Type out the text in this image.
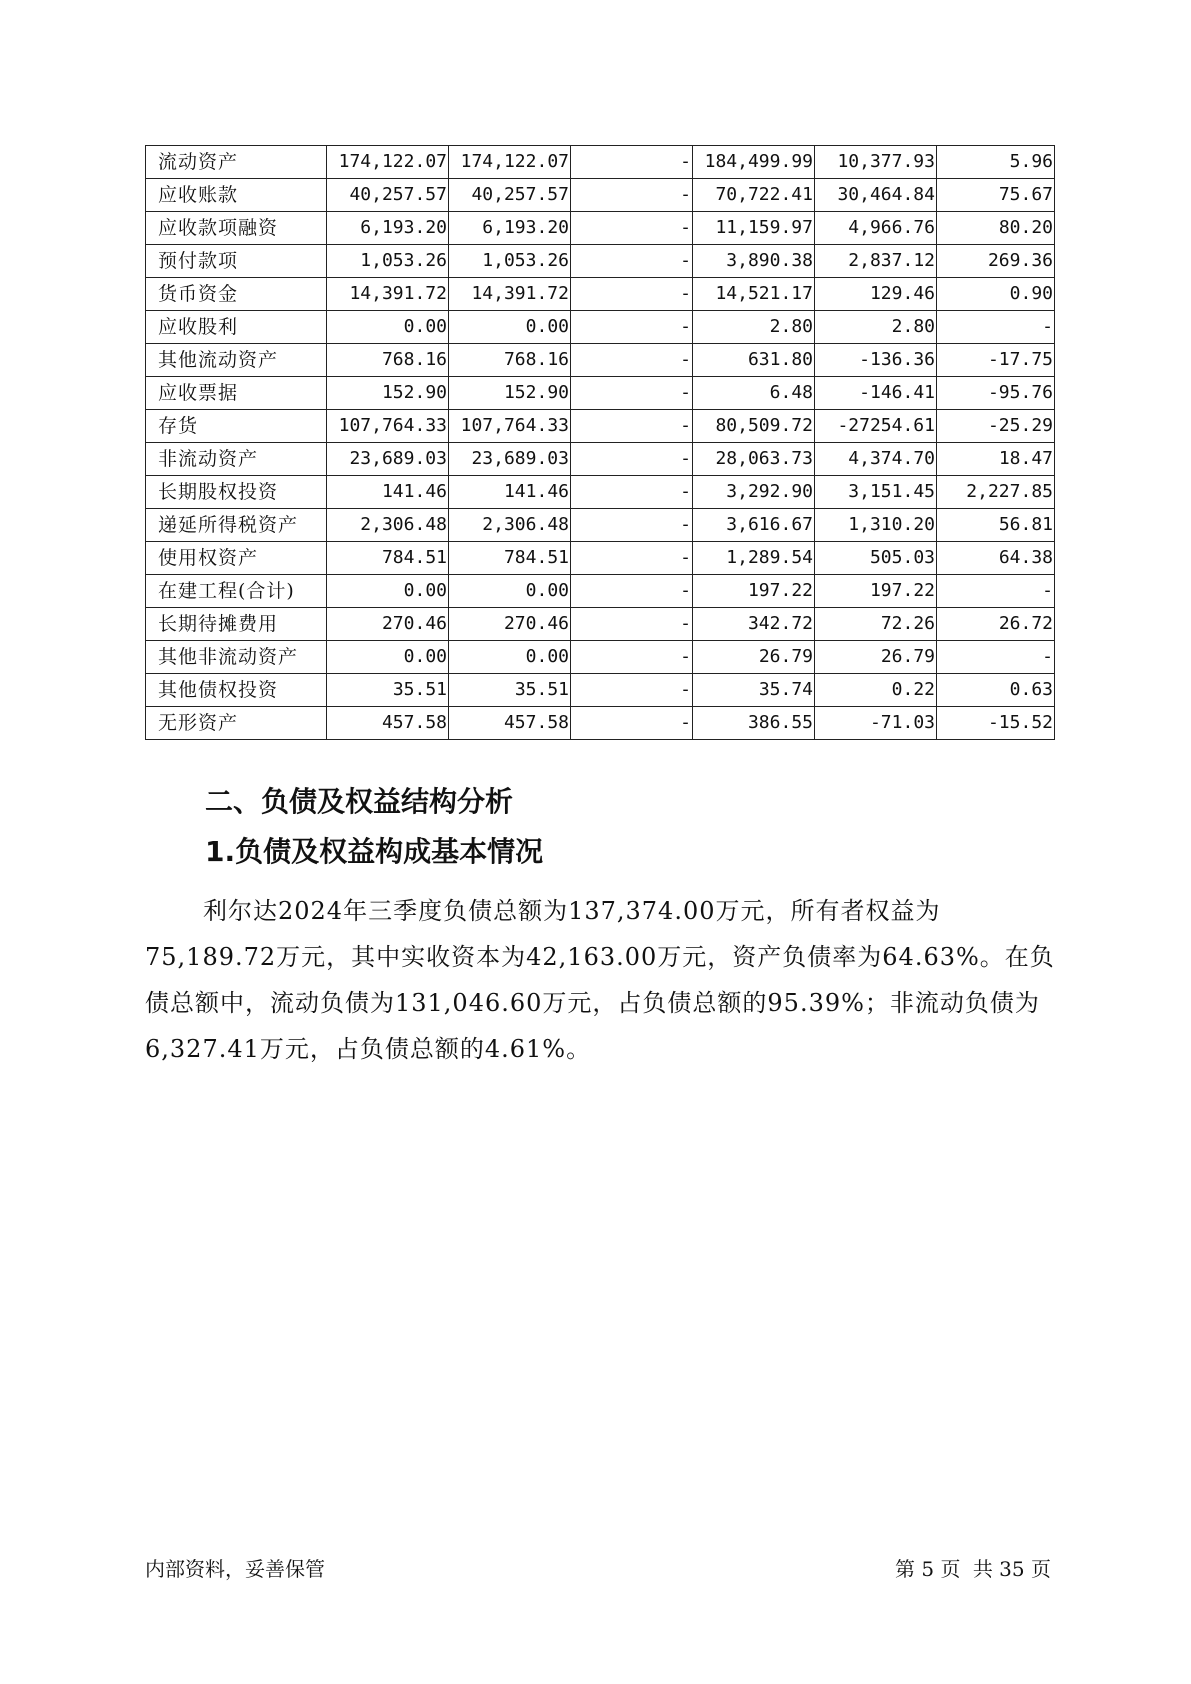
流动资产	174,122.07	174,122.07	-	184,499.99	10,377.93	5.96
应收账款	40,257.57	40,257.57	-	70,722.41	30,464.84	75.67
应收款项融资	6,193.20	6,193.20	-	11,159.97	4,966.76	80.20
预付款项	1,053.26	1,053.26	-	3,890.38	2,837.12	269.36
货币资金	14,391.72	14,391.72	-	14,521.17	129.46	0.90
应收股利	0.00	0.00	-	2.80	2.80	-
其他流动资产	768.16	768.16	-	631.80	-136.36	-17.75
应收票据	152.90	152.90	-	6.48	-146.41	-95.76
存货	107,764.33	107,764.33	-	80,509.72	-27254.61	-25.29
非流动资产	23,689.03	23,689.03	-	28,063.73	4,374.70	18.47
长期股权投资	141.46	141.46	-	3,292.90	3,151.45	2,227.85
递延所得税资产	2,306.48	2,306.48	-	3,616.67	1,310.20	56.81
使用权资产	784.51	784.51	-	1,289.54	505.03	64.38
在建工程(合计)	0.00	0.00	-	197.22	197.22	-
长期待摊费用	270.46	270.46	-	342.72	72.26	26.72
其他非流动资产	0.00	0.00	-	26.79	26.79	-
其他债权投资	35.51	35.51	-	35.74	0.22	0.63
无形资产	457.58	457.58	-	386.55	-71.03	-15.52
二、负债及权益结构分析
1.负债及权益构成基本情况

利尔达2024年三季度负债总额为137,374.00万元，所有者权益为75,189.72万元，其中实收资本为42,163.00万元，资产负债率为64.63%。在负债总额中，流动负债为131,046.60万元，占负债总额的95.39%；非流动负债为6,327.41万元，占负债总额的4.61%。

内部资料，妥善保管	第 5 页 共 35 页
